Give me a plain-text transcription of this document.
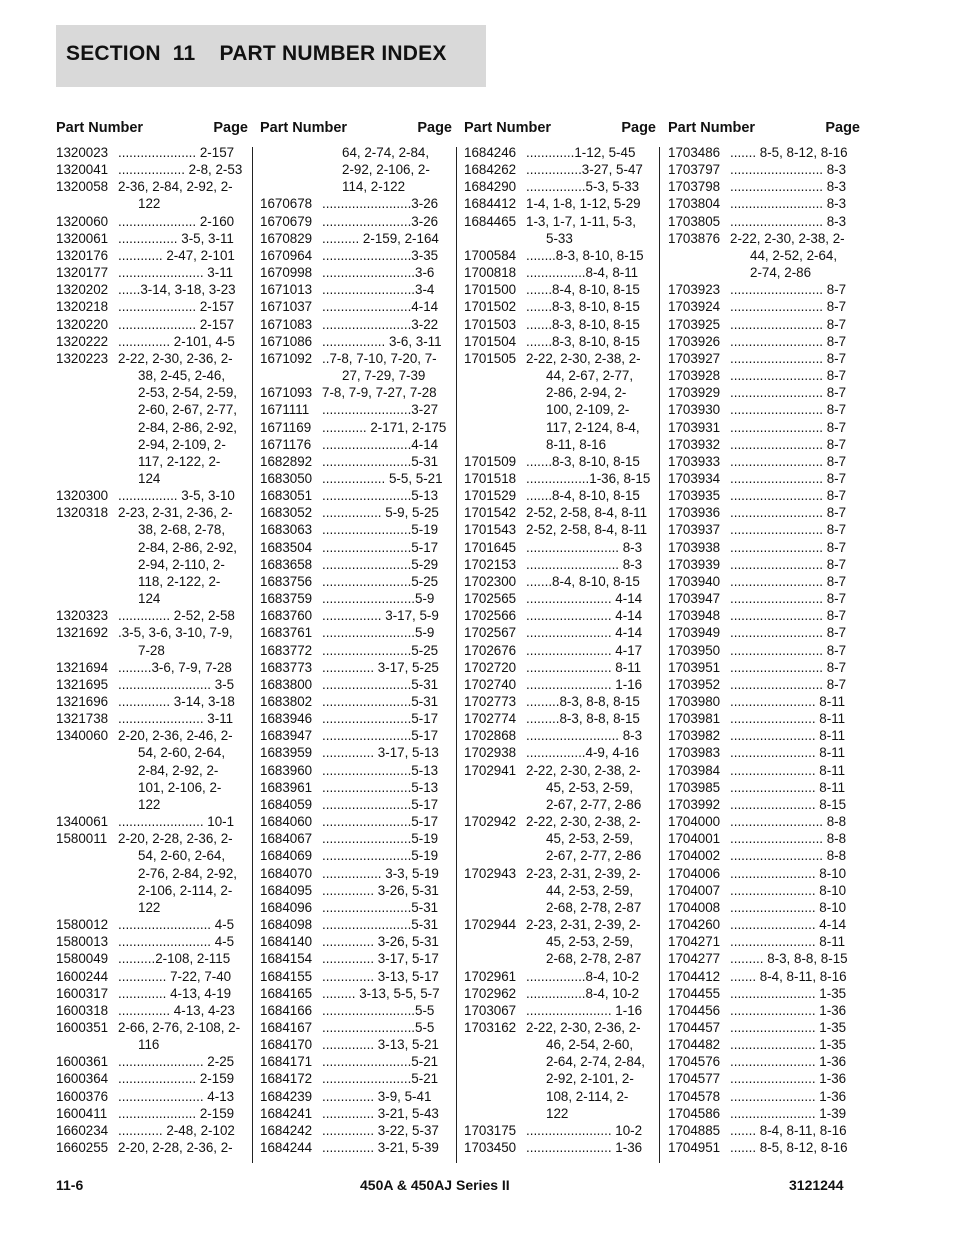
SECTION  11    PART NUMBER INDEX
Part Number	Page
1320023 ..................... 2-157
1320041 .................. 2-8, 2-53
1320058 2-36, 2-84, 2-92, 2-
122
1320060 ..................... 2-160
1320061 ................ 3-5, 3-11
1320176 ............ 2-47, 2-101
1320177 ....................... 3-11
1320202 ......3-14, 3-18, 3-23
1320218 ..................... 2-157
1320220 ..................... 2-157
1320222 .............. 2-101, 4-5
1320223 2-22, 2-30, 2-36, 2-
38, 2-45, 2-46,
2-53, 2-54, 2-59,
2-60, 2-67, 2-77,
2-84, 2-86, 2-92,
2-94, 2-109, 2-
117, 2-122, 2-
124
1320300 ................ 3-5, 3-10
1320318 2-23, 2-31, 2-36, 2-
38, 2-68, 2-78,
2-84, 2-86, 2-92,
2-94, 2-110, 2-
118, 2-122, 2-
124
1320323 .............. 2-52, 2-58
1321692 .3-5, 3-6, 3-10, 7-9,
7-28
1321694 .........3-6, 7-9, 7-28
1321695 ......................... 3-5
1321696 .............. 3-14, 3-18
1321738 ....................... 3-11
1340060 2-20, 2-36, 2-46, 2-
54, 2-60, 2-64,
2-84, 2-92, 2-
101, 2-106, 2-
122
1340061 ....................... 10-1
1580011 2-20, 2-28, 2-36, 2-
54, 2-60, 2-64,
2-76, 2-84, 2-92,
2-106, 2-114, 2-
122
1580012 ......................... 4-5
1580013 ......................... 4-5
1580049 ..........2-108, 2-115
1600244 ............. 7-22, 7-40
1600317 ............. 4-13, 4-19
1600318 .............. 4-13, 4-23
1600351 2-66, 2-76, 2-108, 2-
116
1600361 ....................... 2-25
1600364 ..................... 2-159
1600376 ....................... 4-13
1600411 ..................... 2-159
1660234 ............ 2-48, 2-102
1660255 2-20, 2-28, 2-36, 2-
Part Number	Page
64, 2-74, 2-84,
2-92, 2-106, 2-
114, 2-122
1670678 ........................3-26
1670679 ........................3-26
1670829 .......... 2-159, 2-164
1670964 ........................3-35
1670998 .........................3-6
1671013 .........................3-4
1671037 ........................4-14
1671083 ........................3-22
1671086 ................. 3-6, 3-11
1671092 ..7-8, 7-10, 7-20, 7-
27, 7-29, 7-39
1671093 7-8, 7-9, 7-27, 7-28
1671111 ........................3-27
1671169 ............ 2-171, 2-175
1671176 ........................4-14
1682892 ........................5-31
1683050 ................. 5-5, 5-21
1683051 ........................5-13
1683052 ................ 5-9, 5-25
1683063 ........................5-19
1683504 ........................5-17
1683658 ........................5-29
1683756 ........................5-25
1683759 .........................5-9
1683760 ................ 3-17, 5-9
1683761 .........................5-9
1683772 ........................5-25
1683773 .............. 3-17, 5-25
1683800 ........................5-31
1683802 ........................5-31
1683946 ........................5-17
1683947 ........................5-17
1683959 .............. 3-17, 5-13
1683960 ........................5-13
1683961 ........................5-13
1684059 ........................5-17
1684060 ........................5-17
1684067 ........................5-19
1684069 ........................5-19
1684070 ................ 3-3, 5-19
1684095 .............. 3-26, 5-31
1684096 ........................5-31
1684098 ........................5-31
1684140 .............. 3-26, 5-31
1684154 .............. 3-17, 5-17
1684155 .............. 3-13, 5-17
1684165 ......... 3-13, 5-5, 5-7
1684166 .........................5-5
1684167 .........................5-5
1684170 .............. 3-13, 5-21
1684171 ........................5-21
1684172 ........................5-21
1684239 .............. 3-9, 5-41
1684241 .............. 3-21, 5-43
1684242 .............. 3-22, 5-37
1684244 .............. 3-21, 5-39
Part Number	Page
1684246 .............1-12, 5-45
1684262 ...............3-27, 5-47
1684290 ................5-3, 5-33
1684412 1-4, 1-8, 1-12, 5-29
1684465 1-3, 1-7, 1-11, 5-3,
5-33
1700584 ........8-3, 8-10, 8-15
1700818 ................8-4, 8-11
1701500 .......8-4, 8-10, 8-15
1701502 .......8-3, 8-10, 8-15
1701503 .......8-3, 8-10, 8-15
1701504 .......8-3, 8-10, 8-15
1701505 2-22, 2-30, 2-38, 2-
44, 2-67, 2-77,
2-86, 2-94, 2-
100, 2-109, 2-
117, 2-124, 8-4,
8-11, 8-16
1701509 .......8-3, 8-10, 8-15
1701518 .................1-36, 8-15
1701529 .......8-4, 8-10, 8-15
1701542 2-52, 2-58, 8-4, 8-11
1701543 2-52, 2-58, 8-4, 8-11
1701645 ......................... 8-3
1702153 ......................... 8-3
1702300 .......8-4, 8-10, 8-15
1702565 ....................... 4-14
1702566 ....................... 4-14
1702567 ....................... 4-14
1702676 ....................... 4-17
1702720 ....................... 8-11
1702740 ....................... 1-16
1702773 .........8-3, 8-8, 8-15
1702774 .........8-3, 8-8, 8-15
1702868 ......................... 8-3
1702938 ................4-9, 4-16
1702941 2-22, 2-30, 2-38, 2-
45, 2-53, 2-59,
2-67, 2-77, 2-86
1702942 2-22, 2-30, 2-38, 2-
45, 2-53, 2-59,
2-67, 2-77, 2-86
1702943 2-23, 2-31, 2-39, 2-
44, 2-53, 2-59,
2-68, 2-78, 2-87
1702944 2-23, 2-31, 2-39, 2-
45, 2-53, 2-59,
2-68, 2-78, 2-87
1702961 ................8-4, 10-2
1702962 ................8-4, 10-2
1703067 ....................... 1-16
1703162 2-22, 2-30, 2-36, 2-
46, 2-54, 2-60,
2-64, 2-74, 2-84,
2-92, 2-101, 2-
108, 2-114, 2-
122
1703175 ....................... 10-2
1703450 ....................... 1-36
Part Number	Page
1703486 ....... 8-5, 8-12, 8-16
1703797 ......................... 8-3
1703798 ......................... 8-3
1703804 ......................... 8-3
1703805 ......................... 8-3
1703876 2-22, 2-30, 2-38, 2-
44, 2-52, 2-64,
2-74, 2-86
1703923 ......................... 8-7
1703924 ......................... 8-7
1703925 ......................... 8-7
1703926 ......................... 8-7
1703927 ......................... 8-7
1703928 ......................... 8-7
1703929 ......................... 8-7
1703930 ......................... 8-7
1703931 ......................... 8-7
1703932 ......................... 8-7
1703933 ......................... 8-7
1703934 ......................... 8-7
1703935 ......................... 8-7
1703936 ......................... 8-7
1703937 ......................... 8-7
1703938 ......................... 8-7
1703939 ......................... 8-7
1703940 ......................... 8-7
1703947 ......................... 8-7
1703948 ......................... 8-7
1703949 ......................... 8-7
1703950 ......................... 8-7
1703951 ......................... 8-7
1703952 ......................... 8-7
1703980 ....................... 8-11
1703981 ....................... 8-11
1703982 ....................... 8-11
1703983 ....................... 8-11
1703984 ....................... 8-11
1703985 ....................... 8-11
1703992 ....................... 8-15
1704000 ......................... 8-8
1704001 ......................... 8-8
1704002 ......................... 8-8
1704006 ....................... 8-10
1704007 ....................... 8-10
1704008 ....................... 8-10
1704260 ....................... 4-14
1704271 ....................... 8-11
1704277 ......... 8-3, 8-8, 8-15
1704412 ....... 8-4, 8-11, 8-16
1704455 ....................... 1-35
1704456 ....................... 1-36
1704457 ....................... 1-35
1704482 ....................... 1-35
1704576 ....................... 1-36
1704577 ....................... 1-36
1704578 ....................... 1-36
1704586 ....................... 1-39
1704885 ....... 8-4, 8-11, 8-16
1704951 ....... 8-5, 8-12, 8-16
11-6	450A & 450AJ Series II	3121244
